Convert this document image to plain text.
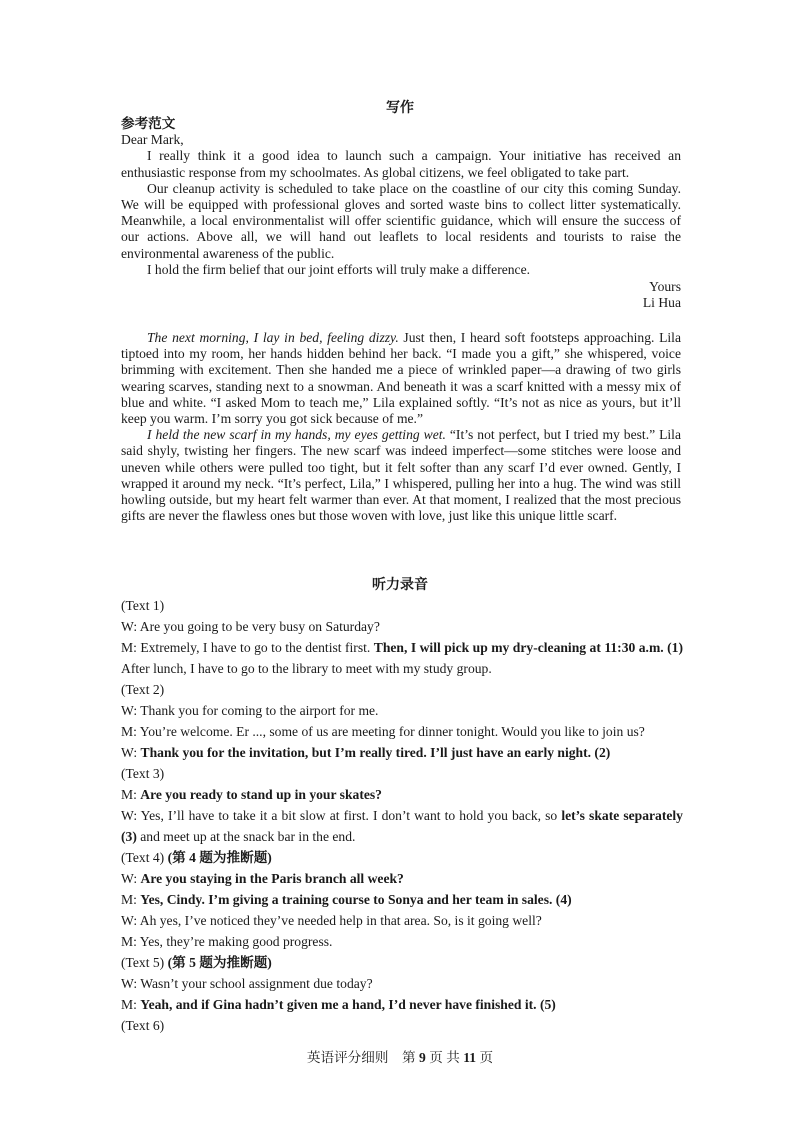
写作

参考范文

Dear Mark,

I really think it a good idea to launch such a campaign. Your initiative has received an enthusiastic response from my schoolmates. As global citizens, we feel obligated to take part.

Our cleanup activity is scheduled to take place on the coastline of our city this coming Sunday. We will be equipped with professional gloves and sorted waste bins to collect litter systematically. Meanwhile, a local environmentalist will offer scientific guidance, which will ensure the success of our actions. Above all, we will hand out leaflets to local residents and tourists to raise the environmental awareness of the public.

I hold the firm belief that our joint efforts will truly make a difference.

Yours

Li Hua

The next morning, I lay in bed, feeling dizzy. Just then, I heard soft footsteps approaching. Lila tiptoed into my room, her hands hidden behind her back. “I made you a gift,” she whispered, voice brimming with excitement. Then she handed me a piece of wrinkled paper—a drawing of two girls wearing scarves, standing next to a snowman. And beneath it was a scarf knitted with a messy mix of blue and white. “I asked Mom to teach me,” Lila explained softly. “It’s not as nice as yours, but it’ll keep you warm. I’m sorry you got sick because of me.”

I held the new scarf in my hands, my eyes getting wet. “It’s not perfect, but I tried my best.” Lila said shyly, twisting her fingers. The new scarf was indeed imperfect—some stitches were loose and uneven while others were pulled too tight, but it felt softer than any scarf I’d ever owned. Gently, I wrapped it around my neck. “It’s perfect, Lila,” I whispered, pulling her into a hug. The wind was still howling outside, but my heart felt warmer than ever. At that moment, I realized that the most precious gifts are never the flawless ones but those woven with love, just like this unique little scarf.

听力录音

(Text 1)

W: Are you going to be very busy on Saturday?

M: Extremely, I have to go to the dentist first. Then, I will pick up my dry-cleaning at 11:30 a.m. (1) After lunch, I have to go to the library to meet with my study group.

(Text 2)

W: Thank you for coming to the airport for me.

M: You’re welcome. Er ..., some of us are meeting for dinner tonight. Would you like to join us?

W: Thank you for the invitation, but I’m really tired. I’ll just have an early night. (2)

(Text 3)

M: Are you ready to stand up in your skates?

W: Yes, I’ll have to take it a bit slow at first. I don’t want to hold you back, so let’s skate separately (3) and meet up at the snack bar in the end.

(Text 4) (第 4 题为推断题)

W: Are you staying in the Paris branch all week?

M: Yes, Cindy. I’m giving a training course to Sonya and her team in sales. (4)

W: Ah yes, I’ve noticed they’ve needed help in that area. So, is it going well?

M: Yes, they’re making good progress.

(Text 5) (第 5 题为推断题)

W: Wasn’t your school assignment due today?

M: Yeah, and if Gina hadn’t given me a hand, I’d never have finished it. (5)

(Text 6)

英语评分细则 第 9 页 共 11 页
